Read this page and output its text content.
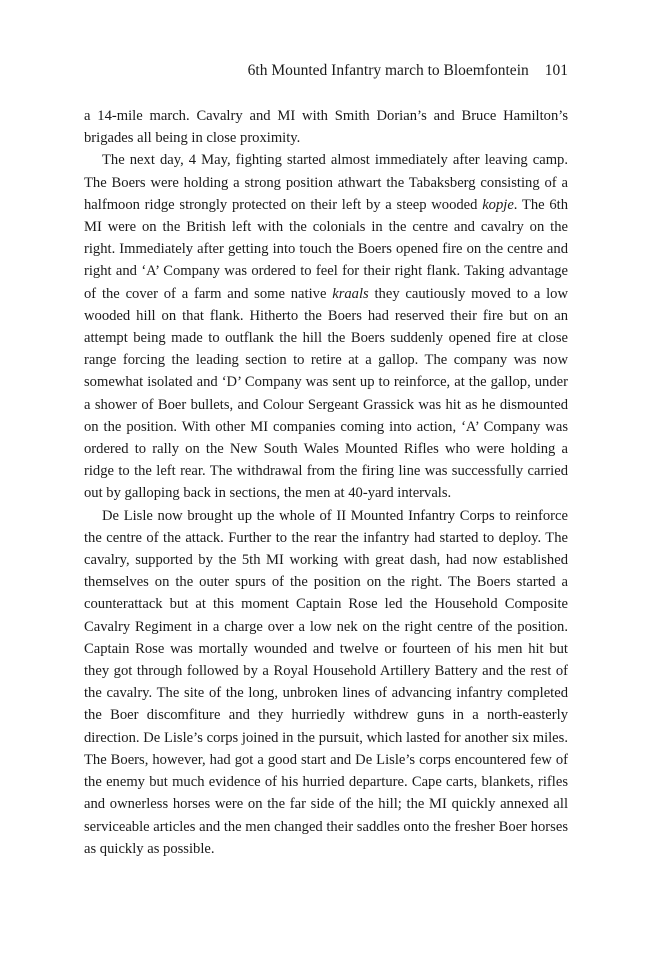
6th Mounted Infantry march to Bloemfontein 101

a 14-mile march. Cavalry and MI with Smith Dorian’s and Bruce Hamilton’s brigades all being in close proximity.

The next day, 4 May, fighting started almost immediately after leaving camp. The Boers were holding a strong position athwart the Tabaksberg consisting of a halfmoon ridge strongly protected on their left by a steep wooded kopje. The 6th MI were on the British left with the colonials in the centre and cavalry on the right. Immediately after getting into touch the Boers opened fire on the centre and right and ‘A’ Company was ordered to feel for their right flank. Taking advantage of the cover of a farm and some native kraals they cautiously moved to a low wooded hill on that flank. Hitherto the Boers had reserved their fire but on an attempt being made to outflank the hill the Boers suddenly opened fire at close range forcing the leading section to retire at a gallop. The company was now somewhat isolated and ‘D’ Company was sent up to reinforce, at the gallop, under a shower of Boer bullets, and Colour Sergeant Grassick was hit as he dismounted on the position. With other MI companies coming into action, ‘A’ Company was ordered to rally on the New South Wales Mounted Rifles who were holding a ridge to the left rear. The withdrawal from the firing line was successfully carried out by galloping back in sections, the men at 40-yard intervals.

De Lisle now brought up the whole of II Mounted Infantry Corps to reinforce the centre of the attack. Further to the rear the infantry had started to deploy. The cavalry, supported by the 5th MI working with great dash, had now established themselves on the outer spurs of the position on the right. The Boers started a counterattack but at this moment Captain Rose led the Household Composite Cavalry Regiment in a charge over a low nek on the right centre of the position. Captain Rose was mortally wounded and twelve or fourteen of his men hit but they got through followed by a Royal Household Artillery Battery and the rest of the cavalry. The site of the long, unbroken lines of advancing infantry completed the Boer discomfiture and they hurriedly withdrew guns in a north-easterly direction. De Lisle’s corps joined in the pursuit, which lasted for another six miles. The Boers, however, had got a good start and De Lisle’s corps encountered few of the enemy but much evidence of his hurried departure. Cape carts, blankets, rifles and ownerless horses were on the far side of the hill; the MI quickly annexed all serviceable articles and the men changed their saddles onto the fresher Boer horses as quickly as possible.
